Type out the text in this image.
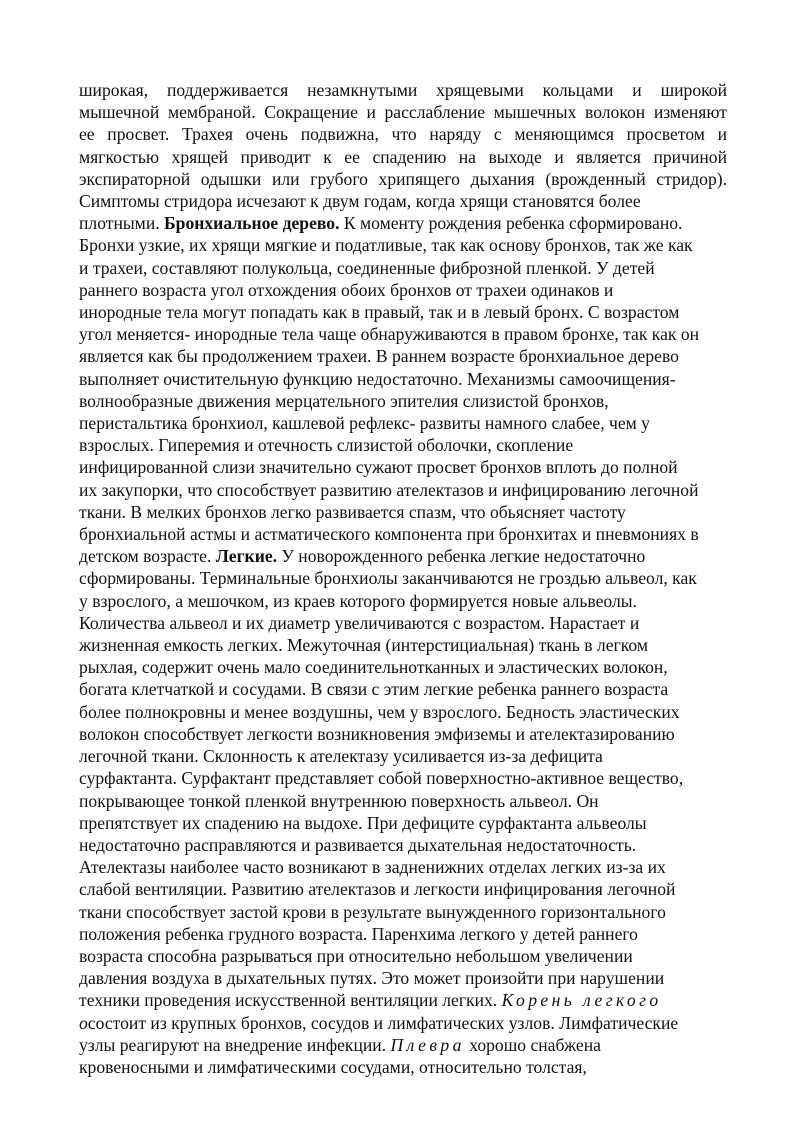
широкая, поддерживается незамкнутыми хрящевыми кольцами и широкой
мышечной мембраной. Сокращение и расслабление мышечных волокон изменяют
ее просвет. Трахея очень подвижна, что наряду с меняющимся просветом и
мягкостью хрящей приводит к ее спадению на выходе и является причиной
экспираторной одышки или грубого хрипящего дыхания (врожденный стридор).
Симптомы стридора исчезают к двум годам, когда хрящи становятся более
плотными. Бронхиальное дерево. К моменту рождения ребенка сформировано.
Бронхи узкие, их хрящи мягкие и податливые, так как основу бронхов, так же как
и трахеи, составляют полукольца, соединенные фиброзной пленкой. У детей
раннего возраста угол отхождения обоих бронхов от трахеи одинаков и
инородные тела могут попадать как в правый, так и в левый бронх. С возрастом
угол меняется- инородные тела чаще обнаруживаются в правом бронхе, так как он
является как бы продолжением трахеи. В раннем возрасте бронхиальное дерево
выполняет очистительную функцию недостаточно. Механизмы самоочищения-
волнообразные движения мерцательного эпителия слизистой бронхов,
перистальтика бронхиол, кашлевой рефлекс- развиты намного слабее, чем у
взрослых. Гиперемия и отечность слизистой оболочки, скопление
инфицированной слизи значительно сужают просвет бронхов вплоть до полной
их закупорки, что способствует развитию ателектазов и инфицированию легочной
ткани. В мелких бронхов легко развивается спазм, что обьясняет частоту
бронхиальной астмы и астматического компонента при бронхитах и пневмониях в
детском возрасте. Легкие. У новорожденного ребенка легкие недостаточно
сформированы. Терминальные бронхиолы заканчиваются не гроздью альвеол, как
у взрослого, а мешочком, из краев которого формируется новые альвеолы.
Количества альвеол и их диаметр увеличиваются с возрастом. Нарастает и
жизненная емкость легких. Межуточная (интерстициальная) ткань в легком
рыхлая, содержит очень мало соединительнотканных и эластических волокон,
богата клетчаткой и сосудами. В связи с этим легкие ребенка раннего возраста
более полнокровны и менее воздушны, чем у взрослого. Бедность эластических
волокон способствует легкости возникновения эмфиземы и ателектазированию
легочной ткани. Склонность к ателектазу усиливается из-за дефицита
сурфактанта. Сурфактант представляет собой поверхностно-активное вещество,
покрывающее тонкой пленкой внутреннюю поверхность альвеол. Он
препятствует их спадению на выдохе. При дефиците сурфактанта альвеолы
недостаточно расправляются и развивается дыхательная недостаточность.
Ателектазы наиболее часто возникают в задненижних отделах легких из-за их
слабой вентиляции. Развитию ателектазов и легкости инфицирования легочной
ткани способствует застой крови в результате вынужденного горизонтального
положения ребенка грудного возраста. Паренхима легкого у детей раннего
возраста способна разрываться при относительно небольшом увеличении
давления воздуха в дыхательных путях. Это может произойти при нарушении
техники проведения искусственной вентиляции легких. Корень легкого
осостоит из крупных бронхов, сосудов и лимфатических узлов. Лимфатические
узлы реагируют на внедрение инфекции. Плевра хорошо снабжена
кровеносными и лимфатическими сосудами, относительно толстая,
